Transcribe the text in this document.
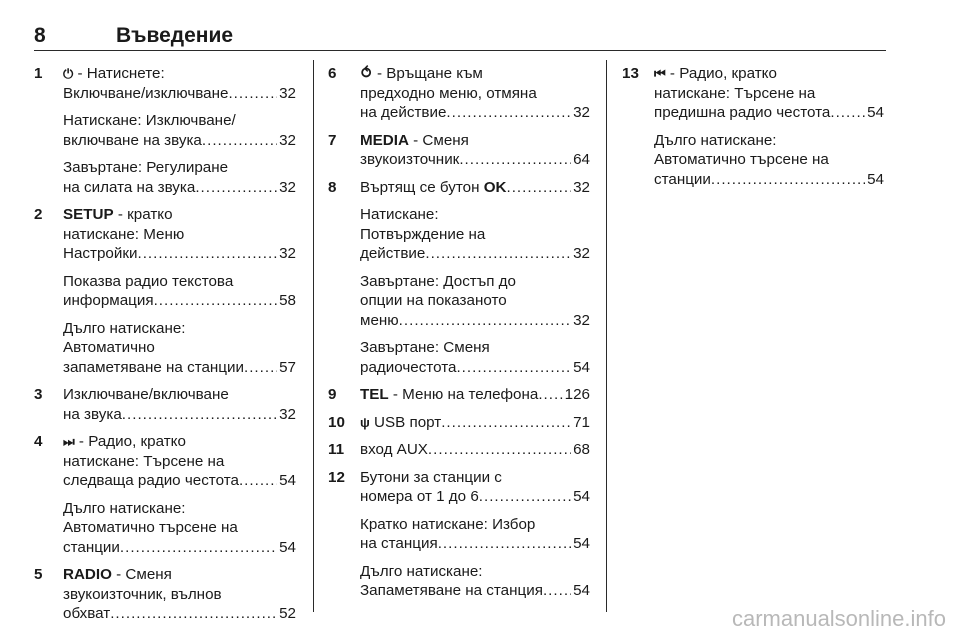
8	Въведение
1 ⏻ - Натиснете:
Включване/изключване .....	32
Натискане: Изключване/
включване на звука .....	32
Завъртане: Регулиране
на силата на звука .....	32
2 SETUP - кратко
натискане: Меню
Настройки .....	32
Показва радио текстова
информация .....	58
Дълго натискане:
Автоматично
запаметяване на станции ..... 57
3 Изключване/включване
на звука .....	32
4 ⏭ - Радио, кратко
натискане: Търсене на
следваща радио честота .....	54
Дълго натискане:
Автоматично търсене на
станции .....	54
5 RADIO - Сменя
звукоизточник, вълнов
обхват .....	52
6 ⥀ - Връщане към
предходно меню, отмяна
на действие .....	32
7 MEDIA - Сменя
звукоизточник .....	64
8 Въртящ се бутон OK .....	32
Натискане:
Потвърждение на
действие .....	32
Завъртане: Достъп до
опции на показаното
меню .....	32
Завъртане: Сменя
радиочестота .....	54
9 TEL - Меню на телефона ..... 126
10 ψ USB порт .....	71
11 вход AUX .....	68
12 Бутони за станции с
номера от 1 до 6 .....	54
Кратко натискане: Избор
на станция .....	54
Дълго натискане:
Запаметяване на станция ..... 54
13 ⏮ - Радио, кратко
натискане: Търсене на
предишна радио честота ..... 54
Дълго натискане:
Автоматично търсене на
станции .....	54
carmanualsonline.info
